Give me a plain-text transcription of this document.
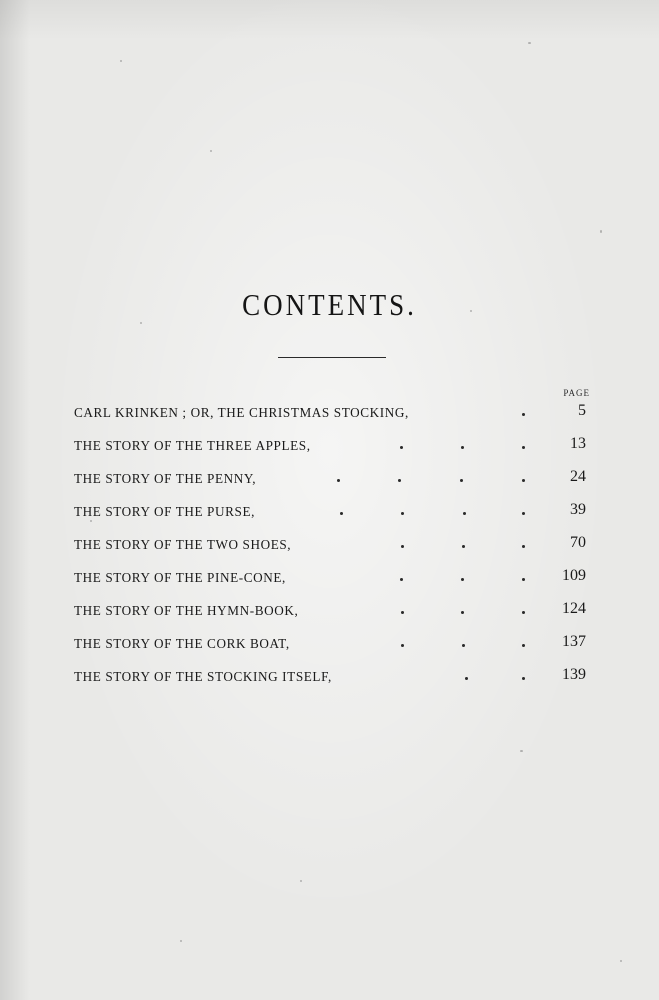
CONTENTS.
PAGE
CARL KRINKEN ; OR, THE CHRISTMAS STOCKING,	5
THE STORY OF THE THREE APPLES,	13
THE STORY OF THE PENNY,	24
THE STORY OF THE PURSE,	39
THE STORY OF THE TWO SHOES,	70
THE STORY OF THE PINE-CONE,	109
THE STORY OF THE HYMN-BOOK,	124
THE STORY OF THE CORK BOAT,	137
THE STORY OF THE STOCKING ITSELF,	139
